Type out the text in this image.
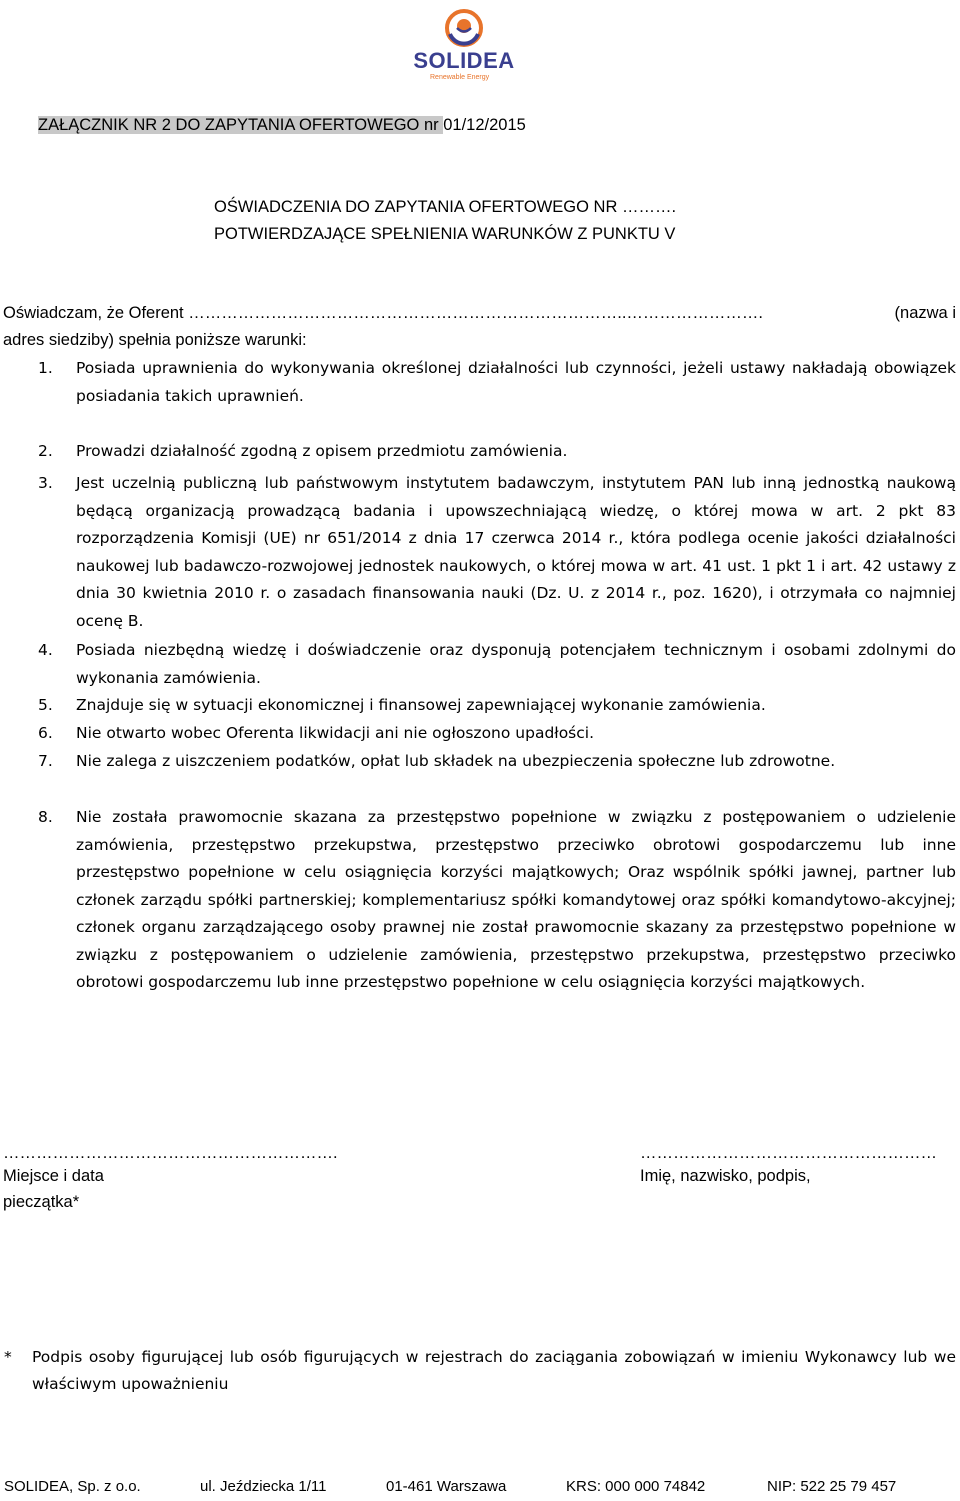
SOLIDEA
Renewable Energy
ZAŁĄCZNIK NR 2 DO ZAPYTANIA OFERTOWEGO nr 01/12/2015
OŚWIADCZENIA DO ZAPYTANIA OFERTOWEGO NR ……….
POTWIERDZAJĄCE SPEŁNIENIA WARUNKÓW Z PUNKTU V
Oświadczam, że Oferent ……………………………………………………………………..…………………….	(nazwa i
adres siedziby) spełnia poniższe warunki:
1. Posiada uprawnienia do wykonywania określonej działalności lub czynności, jeżeli ustawy nakładają obowiązek posiadania takich uprawnień.
2. Prowadzi działalność zgodną z opisem przedmiotu zamówienia.
3. Jest uczelnią publiczną lub państwowym instytutem badawczym, instytutem PAN lub inną jednostką naukową będącą organizacją prowadzącą badania i upowszechniającą wiedzę, o której mowa w art. 2 pkt 83 rozporządzenia Komisji (UE) nr 651/2014 z dnia 17 czerwca 2014 r., która podlega ocenie jakości działalności naukowej lub badawczo-rozwojowej jednostek naukowych, o której mowa w art. 41 ust. 1 pkt 1 i art. 42 ustawy z dnia 30 kwietnia 2010 r. o zasadach finansowania nauki (Dz. U. z 2014 r., poz. 1620), i otrzymała co najmniej ocenę B.
4. Posiada niezbędną wiedzę i doświadczenie oraz dysponują potencjałem technicznym i osobami zdolnymi do wykonania zamówienia.
5. Znajduje się w sytuacji ekonomicznej i finansowej zapewniającej wykonanie zamówienia.
6. Nie otwarto wobec Oferenta likwidacji ani nie ogłoszono upadłości.
7. Nie zalega z uiszczeniem podatków, opłat lub składek na ubezpieczenia społeczne lub zdrowotne.
8. Nie została prawomocnie skazana za przestępstwo popełnione w związku z postępowaniem o udzielenie zamówienia, przestępstwo przekupstwa, przestępstwo przeciwko obrotowi gospodarczemu lub inne przestępstwo popełnione w celu osiągnięcia korzyści majątkowych; Oraz wspólnik spółki jawnej, partner lub członek zarządu spółki partnerskiej; komplementariusz spółki komandytowej oraz spółki komandytowo-akcyjnej; członek organu zarządzającego osoby prawnej nie został prawomocnie skazany za przestępstwo popełnione w związku z postępowaniem o udzielenie zamówienia, przestępstwo przekupstwa, przestępstwo przeciwko obrotowi gospodarczemu lub inne przestępstwo popełnione w celu osiągnięcia korzyści majątkowych.
…………………………………………………….
Miejsce i data
pieczątka*
………………………………………………
Imię, nazwisko, podpis,
* Podpis osoby figurującej lub osób figurujących w rejestrach do zaciągania zobowiązań w imieniu Wykonawcy lub we właściwym upoważnieniu
SOLIDEA, Sp. z o.o.	ul. Jeździecka 1/11	01-461 Warszawa	KRS: 000 000 74842	NIP: 522 25 79 457
